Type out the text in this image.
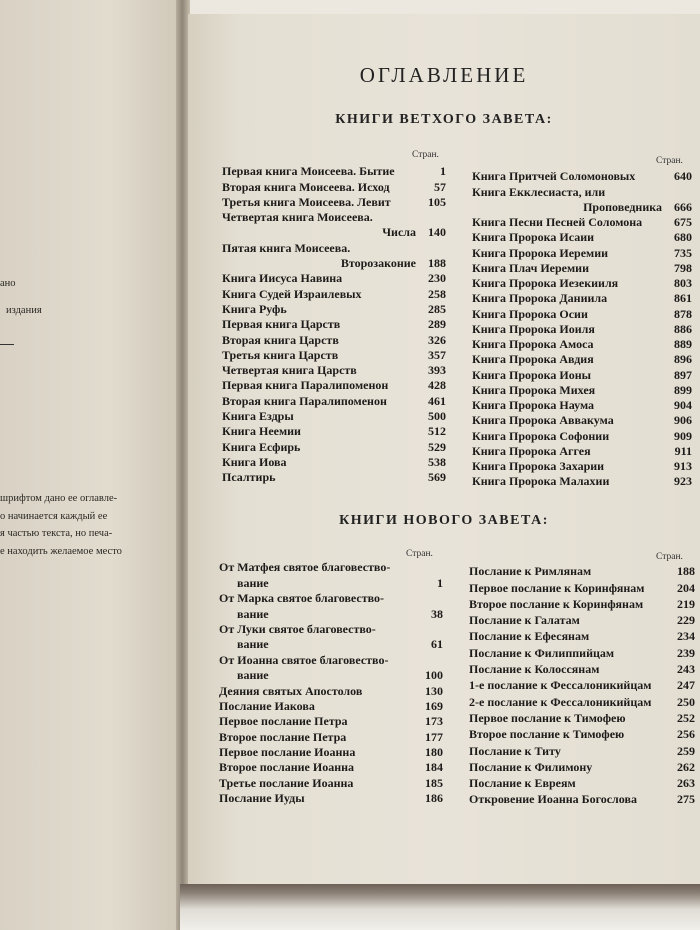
ано
издания
шрифтом дано ее оглавле-
о начинается каждый ее
я частью текста, но печа-
е находить желаемое место
ОГЛАВЛЕНИЕ
КНИГИ ВЕТХОГО ЗАВЕТА:
Стран.
Стран.
Первая книга Моисеева. Бытие	1
Вторая книга Моисеева. Исход	57
Третья книга Моисеева. Левит	105
Четвертая книга Моисеева.
Числа	140
Пятая книга Моисеева.
Второзаконие	188
Книга Иисуса Навина	230
Книга Судей Израилевых	258
Книга Руфь	285
Первая книга Царств	289
Вторая книга Царств	326
Третья книга Царств	357
Четвертая книга Царств	393
Первая книга Паралипоменон	428
Вторая книга Паралипоменон	461
Книга Ездры	500
Книга Неемии	512
Книга Есфирь	529
Книга Иова	538
Псалтирь	569
Книга Притчей Соломоновых	640
Книга Екклесиаста, или
Проповедника	666
Книга Песни Песней Соломона	675
Книга Пророка Исаии	680
Книга Пророка Иеремии	735
Книга Плач Иеремии	798
Книга Пророка Иезекииля	803
Книга Пророка Даниила	861
Книга Пророка Осии	878
Книга Пророка Иоиля	886
Книга Пророка Амоса	889
Книга Пророка Авдия	896
Книга Пророка Ионы	897
Книга Пророка Михея	899
Книга Пророка Наума	904
Книга Пророка Аввакума	906
Книга Пророка Софонии	909
Книга Пророка Аггея	911
Книга Пророка Захарии	913
Книга Пророка Малахии	923
КНИГИ НОВОГО ЗАВЕТА:
Стран.	Стран.
От Матфея святое благовество-
вание	1
От Марка святое благовество-
вание	38
От Луки святое благовество-
вание	61
От Иоанна святое благовество-
вание	100
Деяния святых Апостолов	130
Послание Иакова	169
Первое послание Петра	173
Второе послание Петра	177
Первое послание Иоанна	180
Второе послание Иоанна	184
Третье послание Иоанна	185
Послание Иуды	186
Послание к Римлянам	188
Первое послание к Коринфянам	204
Второе послание к Коринфянам	219
Послание к Галатам	229
Послание к Ефесянам	234
Послание к Филиппийцам	239
Послание к Колоссянам	243
1-е послание к Фессалоникийцам	247
2-е послание к Фессалоникийцам	250
Первое послание к Тимофею	252
Второе послание к Тимофею	256
Послание к Титу	259
Послание к Филимону	262
Послание к Евреям	263
Откровение Иоанна Богослова	275
